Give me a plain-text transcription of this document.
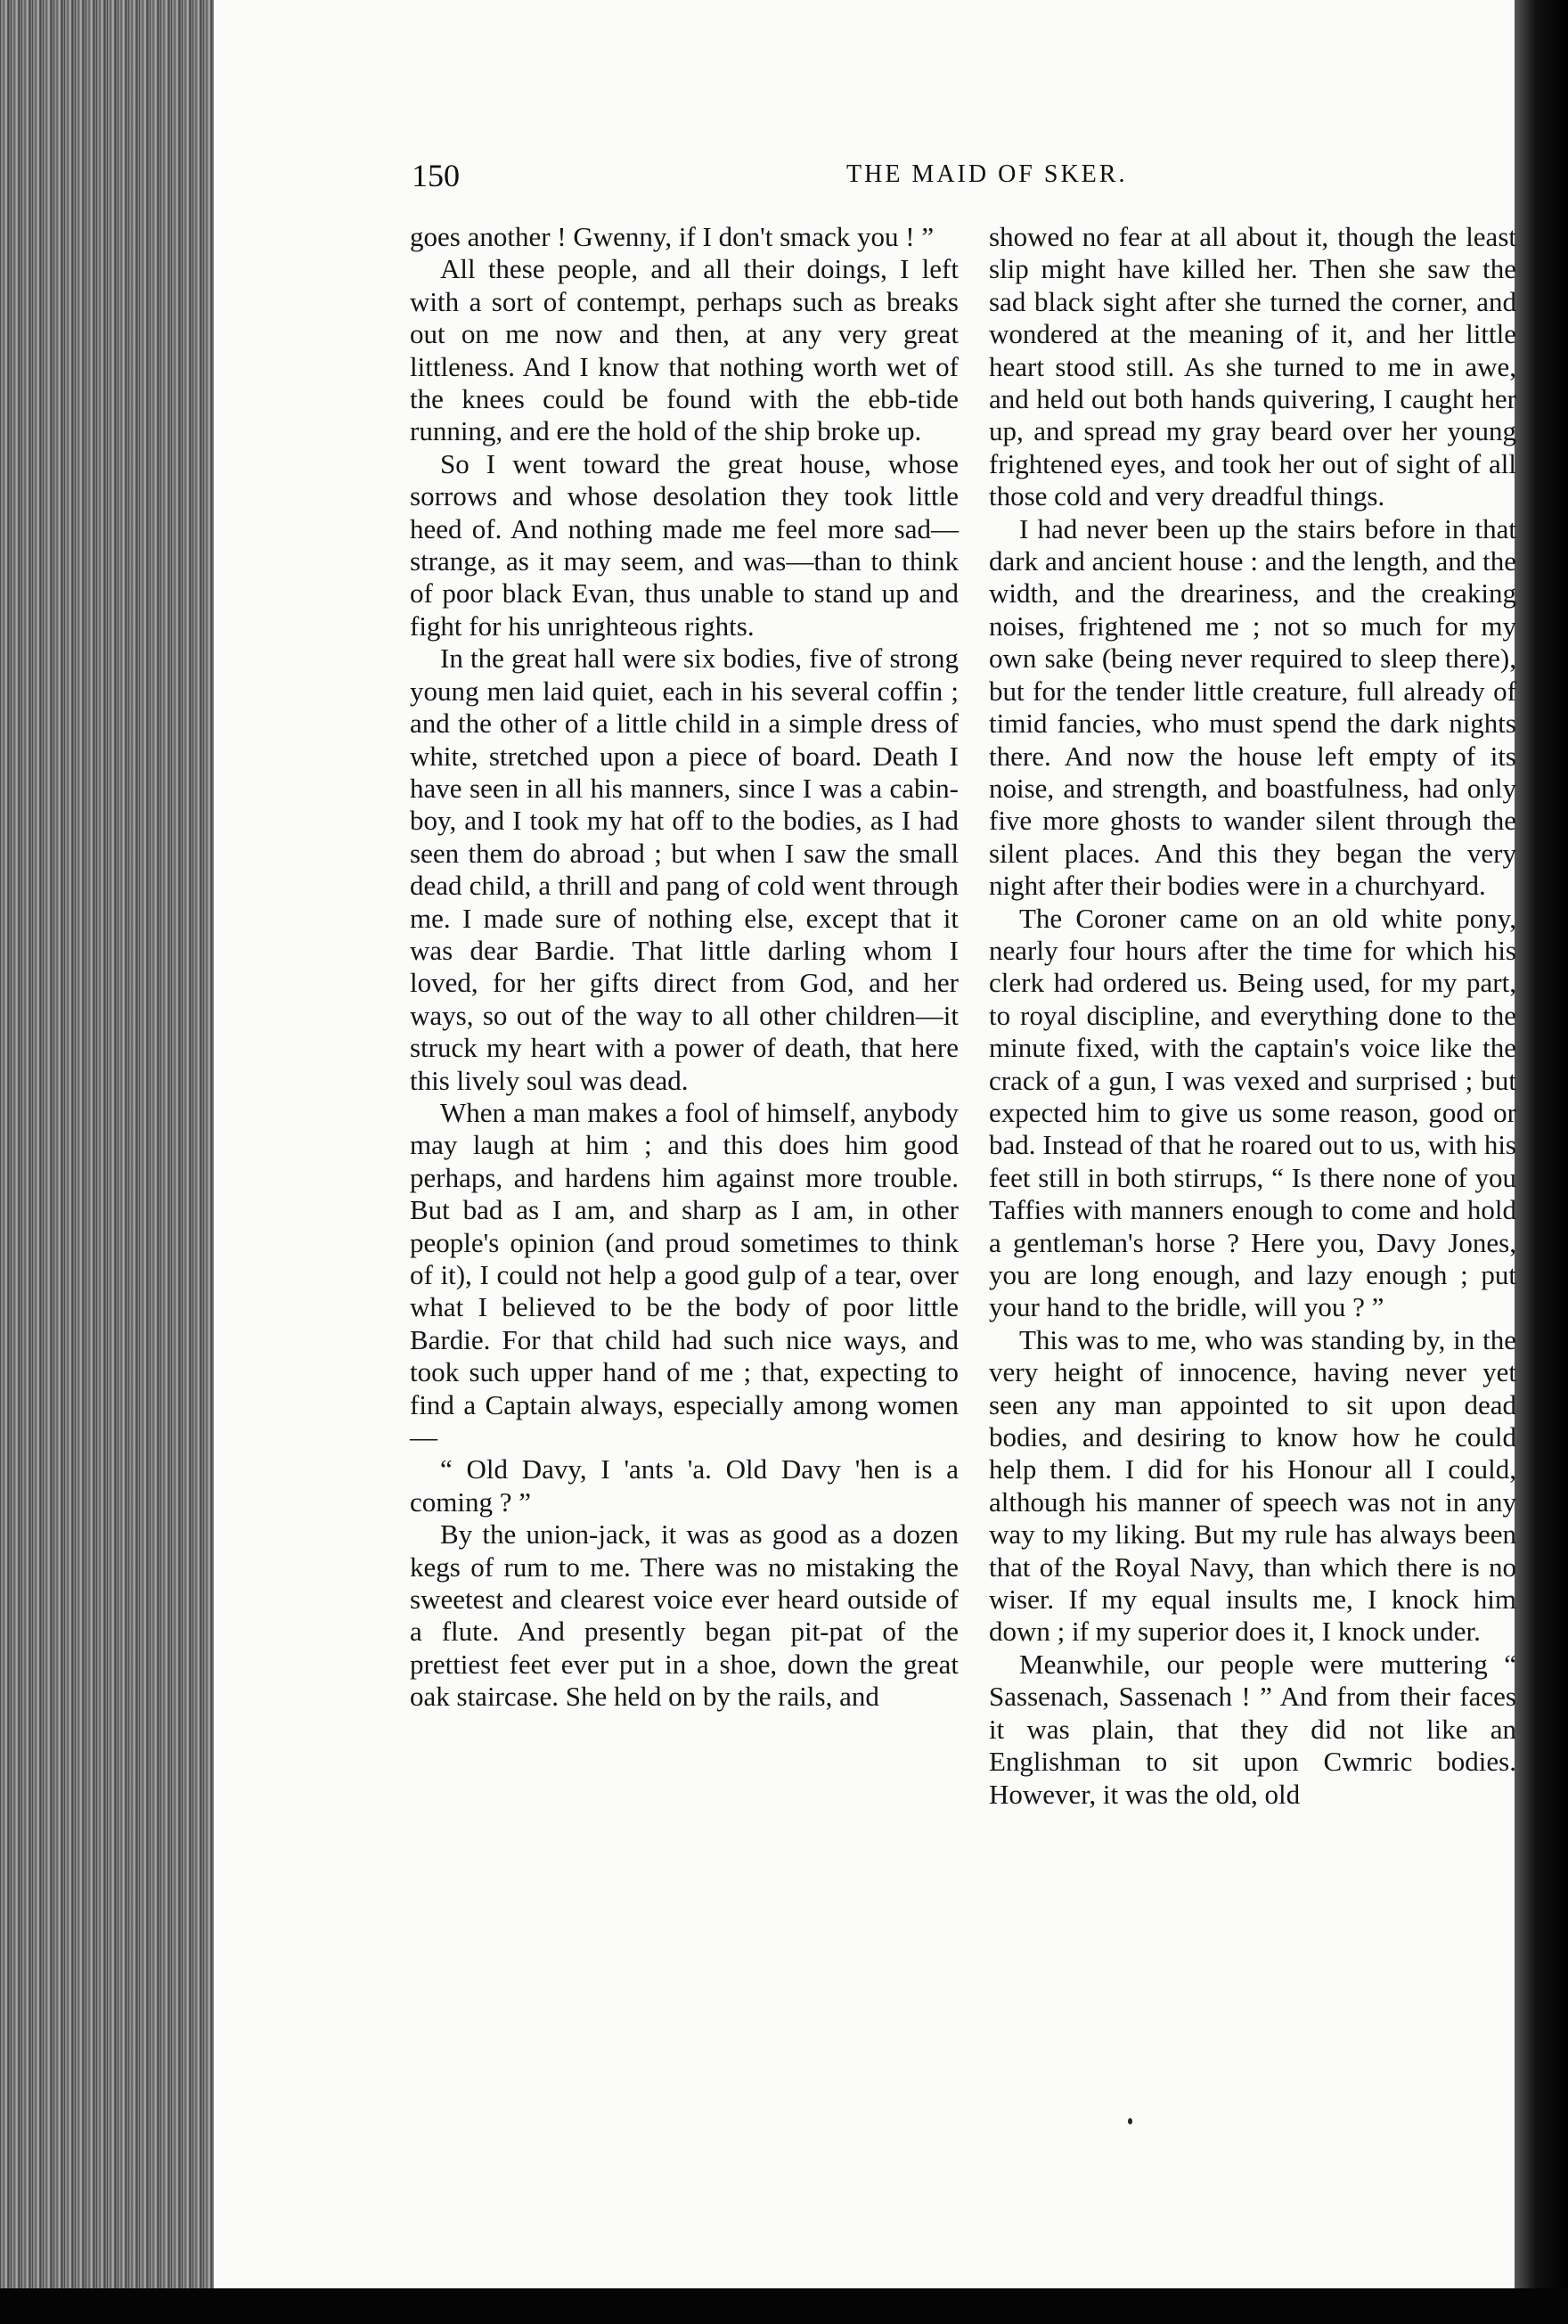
150	THE MAID OF SKER.

goes another ! Gwenny, if I don't smack you ! ”

All these people, and all their doings, I left with a sort of contempt, perhaps such as breaks out on me now and then, at any very great littleness. And I know that nothing worth wet of the knees could be found with the ebb-tide running, and ere the hold of the ship broke up.

So I went toward the great house, whose sorrows and whose desolation they took little heed of. And nothing made me feel more sad—strange, as it may seem, and was—than to think of poor black Evan, thus unable to stand up and fight for his unrighteous rights.

In the great hall were six bodies, five of strong young men laid quiet, each in his several coffin ; and the other of a little child in a simple dress of white, stretched upon a piece of board. Death I have seen in all his manners, since I was a cabin-boy, and I took my hat off to the bodies, as I had seen them do abroad ; but when I saw the small dead child, a thrill and pang of cold went through me. I made sure of nothing else, except that it was dear Bardie. That little darling whom I loved, for her gifts direct from God, and her ways, so out of the way to all other children—it struck my heart with a power of death, that here this lively soul was dead.

When a man makes a fool of himself, anybody may laugh at him ; and this does him good perhaps, and hardens him against more trouble. But bad as I am, and sharp as I am, in other people's opinion (and proud sometimes to think of it), I could not help a good gulp of a tear, over what I believed to be the body of poor little Bardie. For that child had such nice ways, and took such upper hand of me ; that, expecting to find a Captain always, especially among women—

“ Old Davy, I 'ants 'a. Old Davy 'hen is a coming ? ”

By the union-jack, it was as good as a dozen kegs of rum to me. There was no mistaking the sweetest and clearest voice ever heard outside of a flute. And presently began pit-pat of the prettiest feet ever put in a shoe, down the great oak staircase. She held on by the rails, and

showed no fear at all about it, though the least slip might have killed her. Then she saw the sad black sight after she turned the corner, and wondered at the meaning of it, and her little heart stood still. As she turned to me in awe, and held out both hands quivering, I caught her up, and spread my gray beard over her young frightened eyes, and took her out of sight of all those cold and very dreadful things.

I had never been up the stairs before in that dark and ancient house : and the length, and the width, and the dreariness, and the creaking noises, frightened me ; not so much for my own sake (being never required to sleep there), but for the tender little creature, full already of timid fancies, who must spend the dark nights there. And now the house left empty of its noise, and strength, and boastfulness, had only five more ghosts to wander silent through the silent places. And this they began the very night after their bodies were in a churchyard.

The Coroner came on an old white pony, nearly four hours after the time for which his clerk had ordered us. Being used, for my part, to royal discipline, and everything done to the minute fixed, with the captain's voice like the crack of a gun, I was vexed and surprised ; but expected him to give us some reason, good or bad. Instead of that he roared out to us, with his feet still in both stirrups, “ Is there none of you Taffies with manners enough to come and hold a gentleman's horse ? Here you, Davy Jones, you are long enough, and lazy enough ; put your hand to the bridle, will you ? ”

This was to me, who was standing by, in the very height of innocence, having never yet seen any man appointed to sit upon dead bodies, and desiring to know how he could help them. I did for his Honour all I could, although his manner of speech was not in any way to my liking. But my rule has always been that of the Royal Navy, than which there is no wiser. If my equal insults me, I knock him down ; if my superior does it, I knock under.

Meanwhile, our people were muttering “ Sassenach, Sassenach ! ” And from their faces it was plain, that they did not like an Englishman to sit upon Cwmric bodies. However, it was the old, old
